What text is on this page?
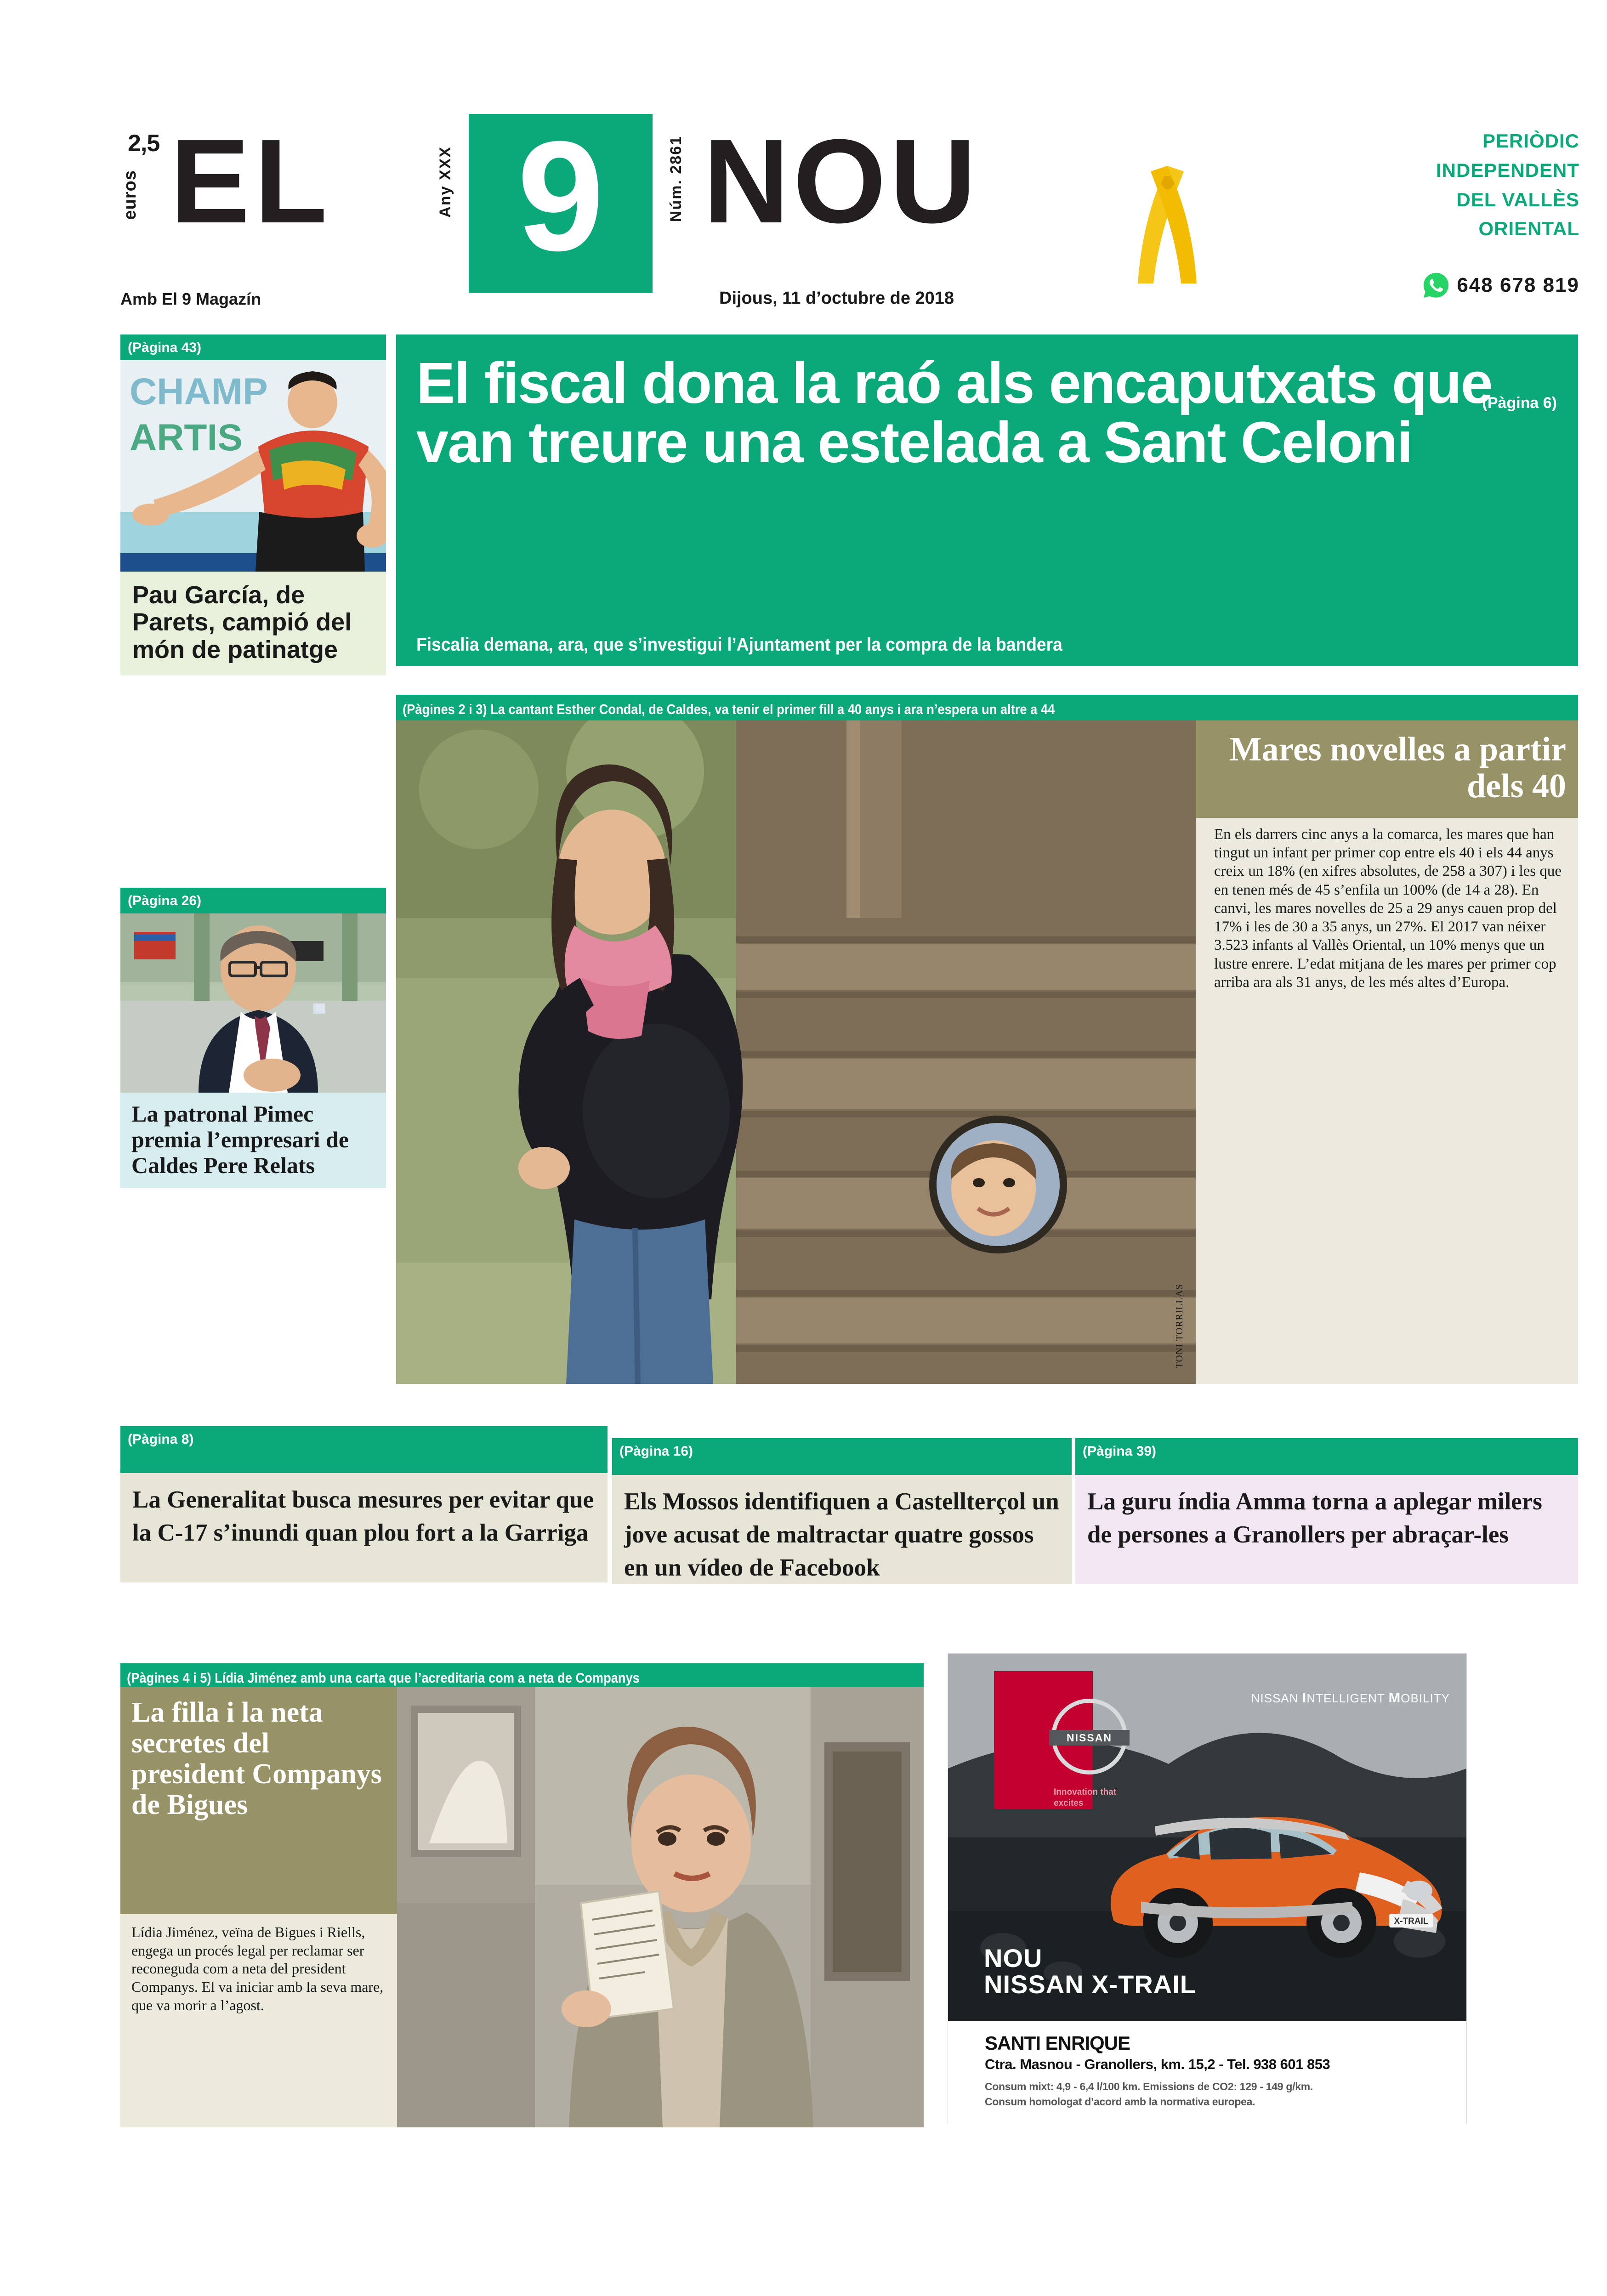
2,5
euros EL	Any XXX 9	Núm. 2861 NOU
Amb El 9 Magazín	Dijous, 11 d’octubre de 2018
PERIÒDIC
INDEPENDENT
DEL VALLÈS
ORIENTAL
648 678 819
El fiscal dona la raó als encaputxats que van treure una estelada a Sant Celoni
(Pàgina 6)
Fiscalia demana, ara, que s’investigui l’Ajuntament per la compra de la bandera
(Pàgina 43)
CHAMP
ARTIS
Pau García, de Parets, campió del món de patinatge
(Pàgina 26)
La patronal Pimec premia l’empresari de Caldes Pere Relats
(Pàgines 2 i 3) La cantant Esther Condal, de Caldes, va tenir el primer fill a 40 anys i ara n’espera un altre a 44
Mares novelles a partir dels 40
En els darrers cinc anys a la comarca, les mares que han tingut un infant per primer cop entre els 40 i els 44 anys creix un 18% (en xifres absolutes, de 258 a 307) i les que en tenen més de 45 s’enfila un 100% (de 14 a 28). En canvi, les mares novelles de 25 a 29 anys cauen prop del 17% i les de 30 a 35 anys, un 27%. El 2017 van néixer 3.523 infants al Vallès Oriental, un 10% menys que un lustre enrere. L’edat mitjana de les mares per primer cop arriba ara als 31 anys, de les més altes d’Europa.
TONI TORRILLAS
(Pàgina 8)
La Generalitat busca mesures per evitar que la C-17 s’inundi quan plou fort a la Garriga
(Pàgina 16)
Els Mossos identifiquen a Castellterçol un jove acusat de maltractar quatre gossos en un vídeo de Facebook
(Pàgina 39)
La guru índia Amma torna a aplegar milers de persones a Granollers per abraçar-les
(Pàgines 4 i 5) Lídia Jiménez amb una carta que l’acreditaria com a neta de Companys
La filla i la neta secretes del president Companys de Bigues
Lídia Jiménez, veïna de Bigues i Riells, engega un procés legal per reclamar ser reconeguda com a neta del president Companys. El va iniciar amb la seva mare, que va morir a l’agost.
X-TRAIL
NISSAN
Innovation that excites
NISSAN INTELLIGENT MOBILITY
NOU
NISSAN X-TRAIL
SANTI ENRIQUE
Ctra. Masnou - Granollers, km. 15,2 - Tel. 938 601 853
Consum mixt: 4,9 - 6,4 l/100 km. Emissions de CO2: 129 - 149 g/km.
Consum homologat d’acord amb la normativa europea.
